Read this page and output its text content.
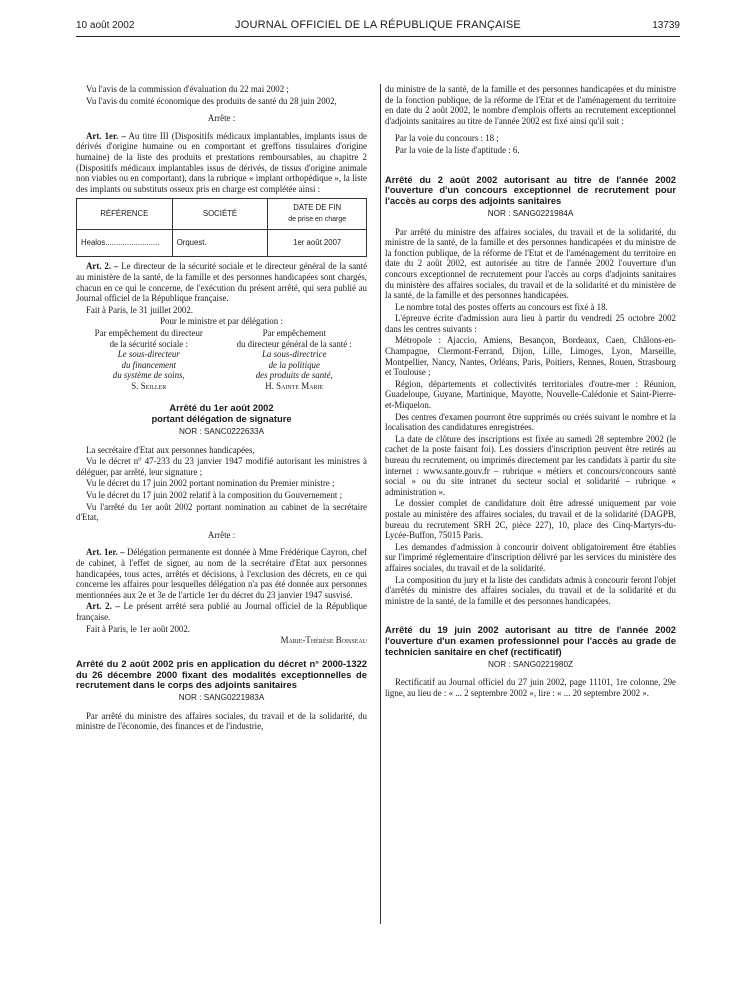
10 août 2002	JOURNAL OFFICIEL DE LA RÉPUBLIQUE FRANÇAISE	13739

Vu l'avis de la commission d'évaluation du 22 mai 2002 ;

Vu l'avis du comité économique des produits de santé du 28 juin 2002,

Arrête :

Art. 1er. – Au titre III (Dispositifs médicaux implantables, implants issus de dérivés d'origine humaine ou en comportant et greffons tissulaires d'origine humaine) de la liste des produits et prestations remboursables, au chapitre 2 (Dispositifs médicaux implantables issus de dérivés, de tissus d'origine animale non viables ou en comportant), dans la rubrique « implant orthopédique », la liste des implants ou substituts osseux pris en charge est complétée ainsi :

RÉFÉRENCE	SOCIÉTÉ	DATE DE FIN
de prise en charge
Healos.........................	Orquest.	1er août 2007

Art. 2. – Le directeur de la sécurité sociale et le directeur général de la santé au ministère de la santé, de la famille et des personnes handicapées sont chargés, chacun en ce qui le concerne, de l'exécution du présent arrêté, qui sera publié au Journal officiel de la République française.

Fait à Paris, le 31 juillet 2002.

Pour le ministre et par délégation :

Par empêchement du directeur
de la sécurité sociale :
Le sous-directeur
du financement
du système de soins,
S. Seiller
Par empêchement
du directeur général de la santé :
La sous-directrice
de la politique
des produits de santé,
H. Sainte Marie
Arrêté du 1er août 2002
portant délégation de signature
NOR : SANC0222633A

La secrétaire d'Etat aux personnes handicapées,

Vu le décret n° 47-233 du 23 janvier 1947 modifié autorisant les ministres à déléguer, par arrêté, leur signature ;

Vu le décret du 17 juin 2002 portant nomination du Premier ministre ;

Vu le décret du 17 juin 2002 relatif à la composition du Gouvernement ;

Vu l'arrêté du 1er août 2002 portant nomination au cabinet de la secrétaire d'Etat,

Arrête :

Art. 1er. – Délégation permanente est donnée à Mme Frédérique Cayron, chef de cabinet, à l'effet de signer, au nom de la secrétaire d'Etat aux personnes handicapées, tous actes, arrêtés et décisions, à l'exclusion des décrets, en ce qui concerne les affaires pour lesquelles délégation n'a pas été donnée aux personnes mentionnées aux 2e et 3e de l'article 1er du décret du 23 janvier 1947 susvisé.

Art. 2. – Le présent arrêté sera publié au Journal officiel de la République française.

Fait à Paris, le 1er août 2002.

Marie-Thérèse Boisseau

Arrêté du 2 août 2002 pris en application du décret n° 2000-1322 du 26 décembre 2000 fixant des modalités exceptionnelles de recrutement dans le corps des adjoints sanitaires
NOR : SANG0221983A

Par arrêté du ministre des affaires sociales, du travail et de la solidarité, du ministre de l'économie, des finances et de l'industrie,

du ministre de la santé, de la famille et des personnes handicapées et du ministre de la fonction publique, de la réforme de l'Etat et de l'aménagement du territoire en date du 2 août 2002, le nombre d'emplois offerts au recrutement exceptionnel d'adjoints sanitaires au titre de l'année 2002 est fixé ainsi qu'il suit :

Par la voie du concours : 18 ;

Par la voie de la liste d'aptitude : 6.

Arrêté du 2 août 2002 autorisant au titre de l'année 2002 l'ouverture d'un concours exceptionnel de recrutement pour l'accès au corps des adjoints sanitaires
NOR : SANG0221984A

Par arrêté du ministre des affaires sociales, du travail et de la solidarité, du ministre de la santé, de la famille et des personnes handicapées et du ministre de la fonction publique, de la réforme de l'Etat et de l'aménagement du territoire en date du 2 août 2002, est autorisée au titre de l'année 2002 l'ouverture d'un concours exceptionnel de recrutement pour l'accès au corps d'adjoints sanitaires du ministère des affaires sociales, du travail et de la solidarité et du ministère de la santé, de la famille et des personnes handicapées.

Le nombre total des postes offerts au concours est fixé à 18.

L'épreuve écrite d'admission aura lieu à partir du vendredi 25 octobre 2002 dans les centres suivants :

Métropole : Ajaccio, Amiens, Besançon, Bordeaux, Caen, Châlons-en-Champagne, Clermont-Ferrand, Dijon, Lille, Limoges, Lyon, Marseille, Montpellier, Nancy, Nantes, Orléans, Paris, Poitiers, Rennes, Rouen, Strasbourg et Toulouse ;

Région, départements et collectivités territoriales d'outre-mer : Réunion, Guadeloupe, Guyane, Martinique, Mayotte, Nouvelle-Calédonie et Saint-Pierre-et-Miquelon.

Des centres d'examen pourront être supprimés ou créés suivant le nombre et la localisation des candidatures enregistrées.

La date de clôture des inscriptions est fixée au samedi 28 septembre 2002 (le cachet de la poste faisant foi). Les dossiers d'inscription peuvent être retirés au bureau du recrutement, ou imprimés directement par les candidats à partir du site internet : www.sante.gouv.fr – rubrique « métiers et concours/concours santé social » ou du site intranet du secteur social et solidarité – rubrique « administration ».

Le dossier complet de candidature doit être adressé uniquement par voie postale au ministère des affaires sociales, du travail et de la solidarité (DAGPB, bureau du recrutement SRH 2C, pièce 227), 10, place des Cinq-Martyrs-du-Lycée-Buffon, 75015 Paris.

Les demandes d'admission à concourir doivent obligatoirement être établies sur l'imprimé réglementaire d'inscription délivré par les services du ministère des affaires sociales, du travail et de la solidarité.

La composition du jury et la liste des candidats admis à concourir feront l'objet d'arrêtés du ministre des affaires sociales, du travail et de la solidarité et du ministre de la santé, de la famille et des personnes handicapées.

Arrêté du 19 juin 2002 autorisant au titre de l'année 2002 l'ouverture d'un examen professionnel pour l'accès au grade de technicien sanitaire en chef (rectificatif)
NOR : SANG0221980Z

Rectificatif au Journal officiel du 27 juin 2002, page 11101, 1re colonne, 29e ligne, au lieu de : « ... 2 septembre 2002 », lire : « ... 20 septembre 2002 ».
